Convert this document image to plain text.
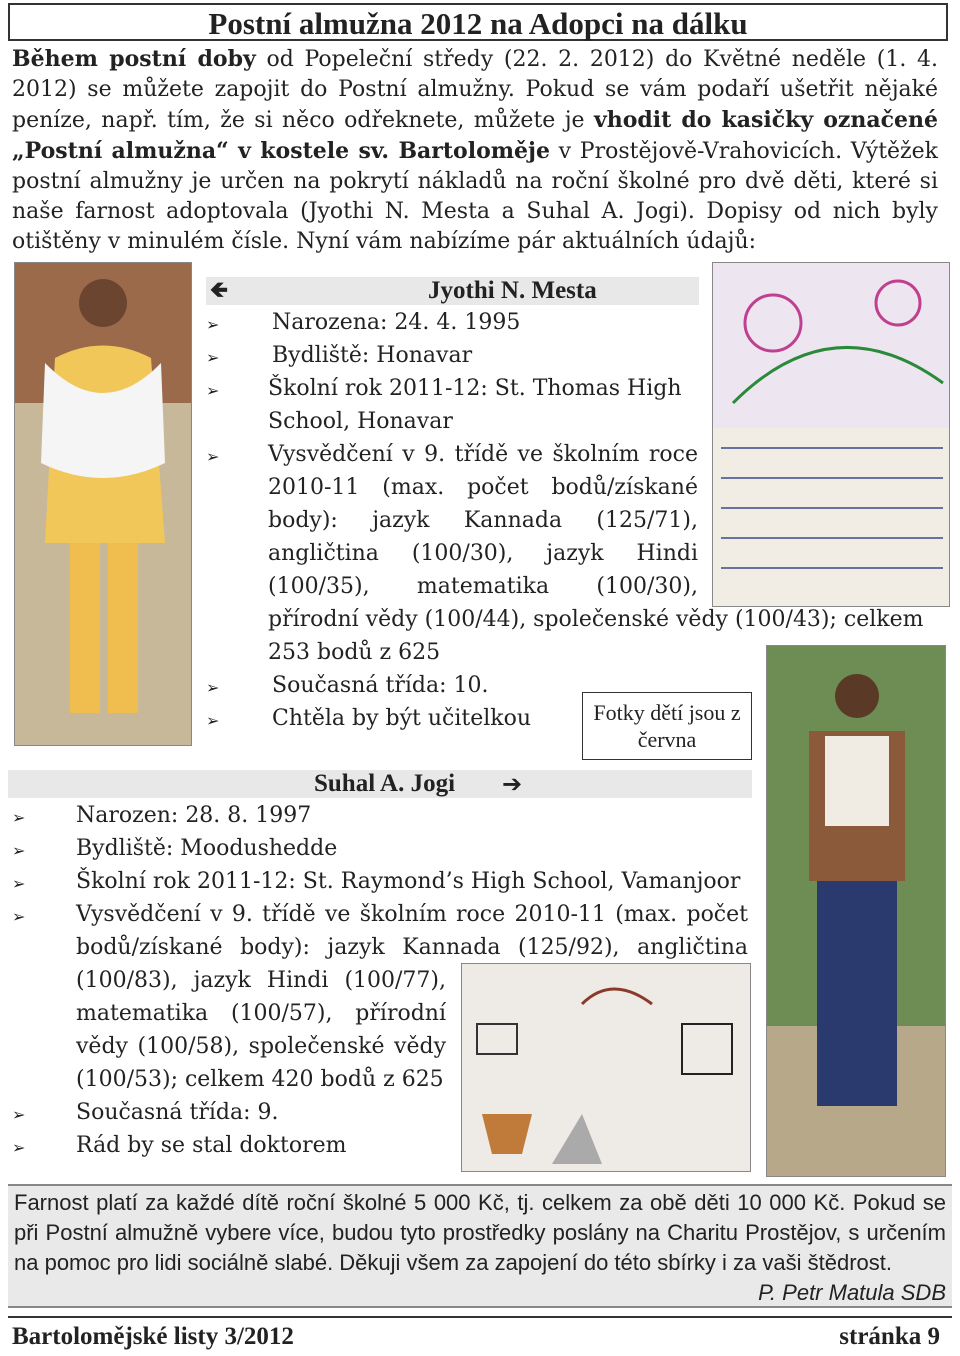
Postní almužna 2012 na Adopci na dálku
Během postní doby od Popeleční středy (22. 2. 2012) do Květné neděle (1. 4. 2012) se můžete zapojit do Postní almužny. Pokud se vám podaří ušetřit nějaké peníze, např. tím, že si něco odřeknete, můžete je vhodit do kasičky označené „Postní almužna“ v kostele sv. Bartoloměje v Prostějově-Vrahovicích. Výtěžek postní almužny je určen na pokrytí nákladů na roční školné pro dvě děti, které si naše farnost adoptovala (Jyothi N. Mesta a Suhal A. Jogi). Dopisy od nich byly otištěny v minulém čísle. Nyní vám nabízíme pár aktuálních údajů:
🡸	Jyothi N. Mesta
➢ Narozena: 24. 4. 1995
➢ Bydliště: Honavar
➢ Školní rok 2011-12: St. Thomas High School, Honavar
➢ Vysvědčení v 9. třídě ve školním roce 2010-11 (max. počet bodů/získané body): jazyk Kannada (125/71), angličtina (100/30), jazyk Hindi (100/35), matematika (100/30),
přírodní vědy (100/44), společenské vědy (100/43); celkem 253 bodů z 625
➢ Současná třída: 10.
➢ Chtěla by být učitelkou	Fotky dětí jsou z června
Suhal A. Jogi ➔
➢ Narozen: 28. 8. 1997
➢ Bydliště: Moodushedde
➢ Školní rok 2011-12: St. Raymond’s High School, Vamanjoor
➢ Vysvědčení v 9. třídě ve školním roce 2010-11 (max. počet bodů/získané body): jazyk Kannada (125/92), angličtina
(100/83), jazyk Hindi (100/77), matematika (100/57), přírodní vědy (100/58), společenské vědy (100/53); celkem 420 bodů z 625
➢ Současná třída: 9.
➢ Rád by se stal doktorem
Farnost platí za každé dítě roční školné 5 000 Kč, tj. celkem za obě děti 10 000 Kč. Pokud se při Postní almužně vybere více, budou tyto prostředky poslány na Charitu Prostějov, s určením na pomoc pro lidi sociálně slabé. Děkuji všem za zapojení do této sbírky i za vaši štědrost.
P. Petr Matula SDB
Bartolomějské listy 3/2012	stránka 9
